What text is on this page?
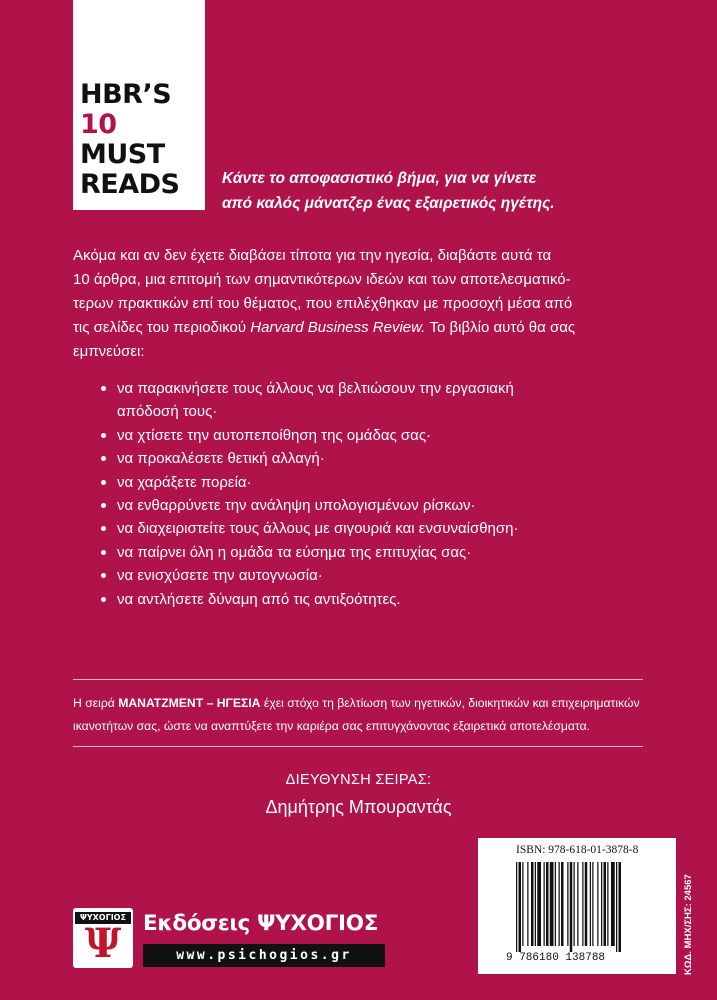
HBR’S
10
MUST
READS	Κάντε το αποφασιστικό βήμα, για να γίνετε
από καλός μάνατζερ ένας εξαιρετικός ηγέτης.
Ακόμα και αν δεν έχετε διαβάσει τίποτα για την ηγεσία, διαβάστε αυτά τα
10 άρθρα, μια επιτομή των σημαντικότερων ιδεών και των αποτελεσματικό-
τερων πρακτικών επί του θέματος, που επιλέχθηκαν με προσοχή μέσα από
τις σελίδες του περιοδικού Harvard Business Review. Το βιβλίο αυτό θα σας
εμπνεύσει:
να παρακινήσετε τους άλλους να βελτιώσουν την εργασιακή
απόδοσή τους·
να χτίσετε την αυτοπεποίθηση της ομάδας σας·
να προκαλέσετε θετική αλλαγή·
να χαράξετε πορεία·
να ενθαρρύνετε την ανάληψη υπολογισμένων ρίσκων·
να διαχειριστείτε τους άλλους με σιγουριά και ενσυναίσθηση·
να παίρνει όλη η ομάδα τα εύσημα της επιτυχίας σας·
να ενισχύσετε την αυτογνωσία·
να αντλήσετε δύναμη από τις αντιξοότητες.
Η σειρά ΜΑΝΑΤΖΜΕΝΤ – ΗΓΕΣΙΑ έχει στόχο τη βελτίωση των ηγετικών, διοικητικών και επιχειρηματικών
ικανοτήτων σας, ώστε να αναπτύξετε την καριέρα σας επιτυγχάνοντας εξαιρετικά αποτελέσματα.
ΔΙΕΥΘΥΝΣΗ ΣΕΙΡΑΣ:
Δημήτρης Μπουραντάς
ΨΥΧΟΓΙΟΣ
Ψ	Εκδόσεις ΨΥΧΟΓΙΟΣ
www.psichogios.gr
ISBN: 978-618-01-3878-8
9 786180 138788	ΚΩΔ. ΜΗΧ/ΣΗΣ: 24567
